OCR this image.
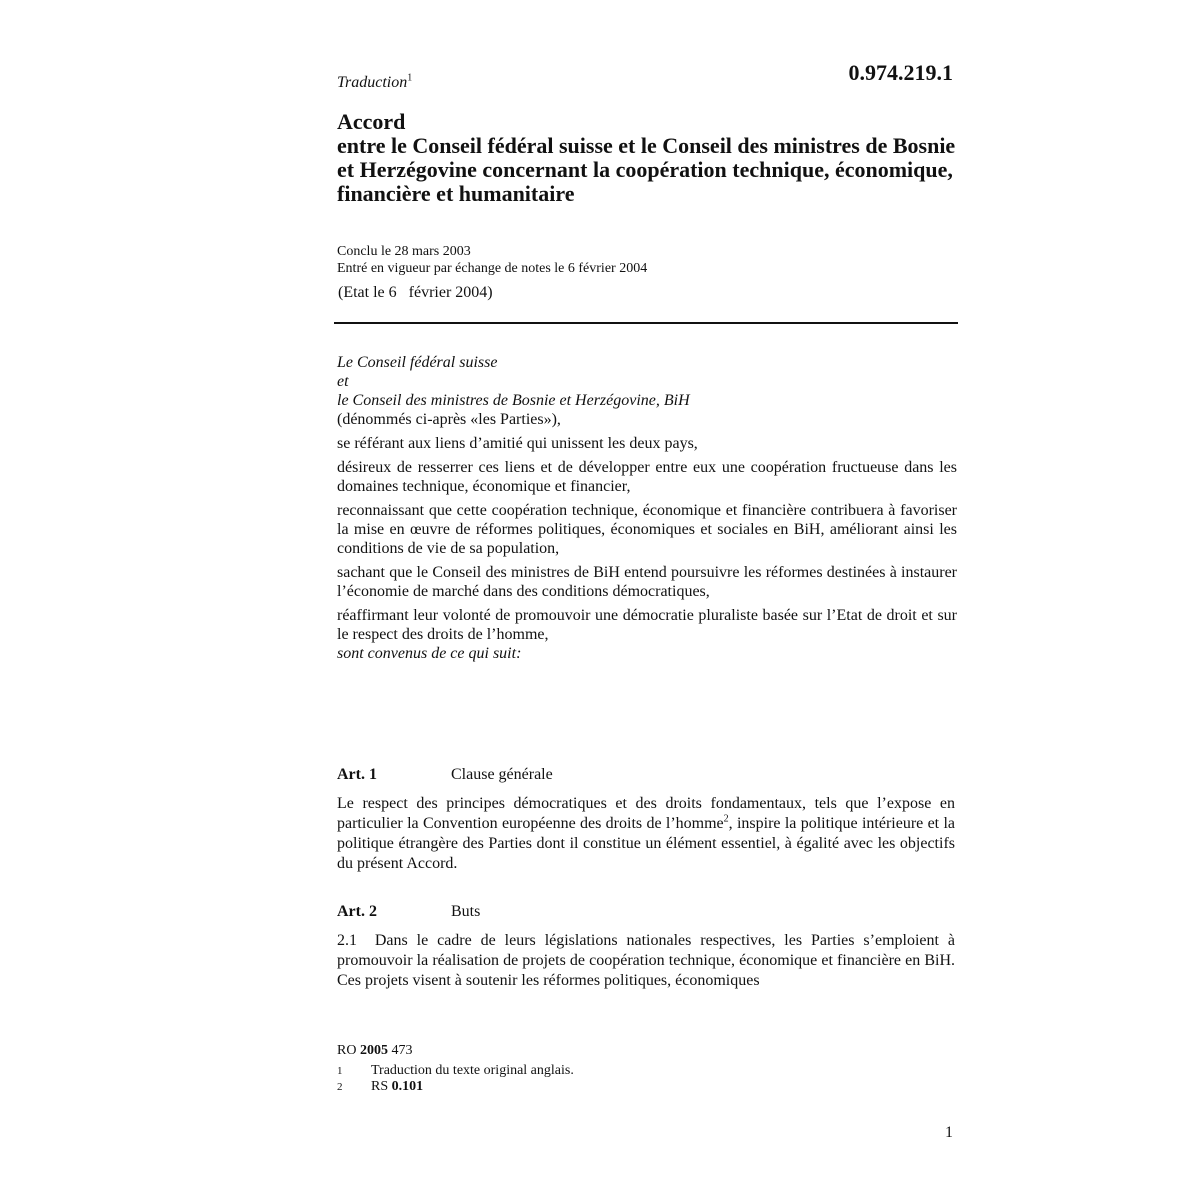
0.974.219.1
Traduction$^1$
Accord
entre le Conseil fédéral suisse et le Conseil des ministres de Bosnie et Herzégovine concernant la coopération technique, économique, financière et humanitaire
Conclu le 28 mars 2003
Entré en vigueur par échange de notes le 6 février 2004
(Etat le 6   février 2004)
Le Conseil fédéral suisse
et
le Conseil des ministres de Bosnie et Herzégovine, BiH

(dénommés ci-après «les Parties»),

se référant aux liens d’amitié qui unissent les deux pays,

désireux de resserrer ces liens et de développer entre eux une coopération fructueuse dans les domaines technique, économique et financier,

reconnaissant que cette coopération technique, économique et financière contribuera à favoriser la mise en œuvre de réformes politiques, économiques et sociales en BiH, améliorant ainsi les conditions de vie de sa population,

sachant que le Conseil des ministres de BiH entend poursuivre les réformes destinées à instaurer l’économie de marché dans des conditions démocratiques,

réaffirmant leur volonté de promouvoir une démocratie pluraliste basée sur l’Etat de droit et sur le respect des droits de l’homme,

sont convenus de ce qui suit:
Art. 1	Clause générale
Le respect des principes démocratiques et des droits fondamentaux, tels que l’expose en particulier la Convention européenne des droits de l’homme$^2$, inspire la politique intérieure et la politique étrangère des Parties dont il constitue un élément essentiel, à égalité avec les objectifs du présent Accord.
Art. 2	Buts
2.1  Dans le cadre de leurs législations nationales respectives, les Parties s’emploient à promouvoir la réalisation de projets de coopération technique, économique et financière en BiH. Ces projets visent à soutenir les réformes politiques, économiques
RO 2005 473
1 Traduction du texte original anglais.
2 RS 0.101
1
